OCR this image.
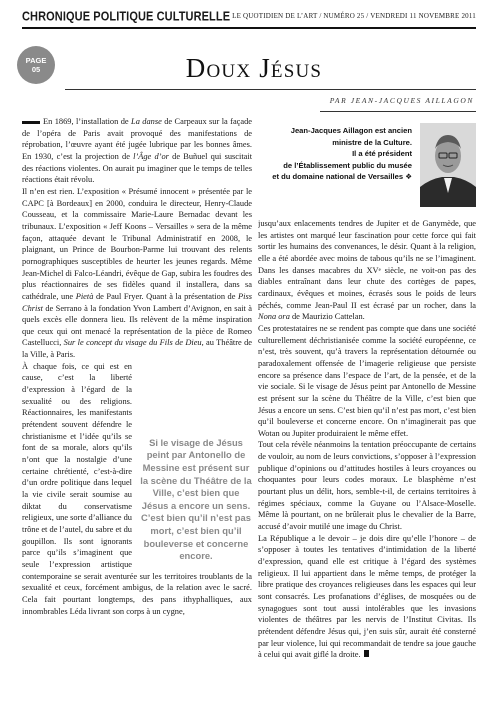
CHRONIQUE POLITIQUE CULTURELLE LE QUOTIDIEN DE L’ART / NUMÉRO 25 / VENDREDI 11 NOVEMBRE 2011
PAGE
05	Doux Jésus
PAR JEAN-JACQUES AILLAGON
Jean-Jacques Aillagon est ancien
ministre de la Culture.
Il a été président
de l’Établissement public du musée
et du domaine national de Versailles ❖

En 1869, l’installation de La danse de Carpeaux sur la façade de l’opéra de Paris avait provoqué des manifestations de réprobation, l’œuvre ayant été jugée lubrique par les bonnes âmes. En 1930, c’est la projection de l’Âge d’or de Buñuel qui suscitait des réactions violentes. On aurait pu imaginer que le temps de telles réactions était révolu.

Il n’en est rien. L’exposition « Présumé innocent » présentée par le CAPC [à Bordeaux] en 2000, conduira le directeur, Henry-Claude Cousseau, et la commissaire Marie-Laure Bernadac devant les tribunaux. L’exposition « Jeff Koons – Versailles » sera de la même façon, attaquée devant le Tribunal Administratif en 2008, le plaignant, un Prince de Bourbon-Parme lui trouvant des relents pornographiques susceptibles de heurter les jeunes regards. Même Jean-Michel di Falco-Léandri, évêque de Gap, subira les foudres des plus réactionnaires de ses fidèles quand il installera, dans sa cathédrale, une Pietà de Paul Fryer. Quant à la présentation de Piss Christ de Serrano à la fondation Yvon Lambert d’Avignon, en sait à quels excès elle donnera lieu. Ils relèvent de la même inspiration que ceux qui ont menacé la représentation de la pièce de Romeo Castellucci, Sur le concept du visage du Fils de Dieu, au Théâtre de la Ville, à Paris.

Si le visage de Jésus peint par Antonello de Messine est présent sur la scène du Théâtre de la Ville, c’est bien que Jésus a encore un sens. C’est bien qu’il n’est pas mort, c’est bien qu’il bouleverse et concerne encore.

À chaque fois, ce qui est en cause, c’est la liberté d’expression à l’égard de la sexualité ou des religions. Réactionnaires, les manifestants prétendent souvent défendre le christianisme et l’idée qu’ils se font de sa morale, alors qu’ils n’ont que la nostalgie d’une certaine chrétienté, c’est-à-dire d’un ordre politique dans lequel la vie civile serait soumise au diktat du conservatisme religieux, une sorte d’alliance du trône et de l’autel, du sabre et du goupillon. Ils sont ignorants parce qu’ils s’imaginent que seule l’expression artistique contemporaine se serait aventurée sur les territoires troublants de la sexualité et ceux, forcément ambigus, de la relation avec le sacré. Cela fait pourtant longtemps, des pans ithyphalliques, aux innombrables Léda livrant son corps à un cygne,

jusqu’aux enlacements tendres de Jupiter et de Ganymède, que les artistes ont marqué leur fascination pour cette force qui fait sortir les humains des convenances, le désir. Quant à la religion, elle a été abordée avec moins de tabous qu’ils ne se l’imaginent. Dans les danses macabres du XVᵉ siècle, ne voit-on pas des diables entraînant dans leur chute des cortèges de papes, cardinaux, évêques et moines, écrasés sous le poids de leurs péchés, comme Jean-Paul II est écrasé par un rocher, dans la Nona ora de Maurizio Cattelan.

Ces protestataires ne se rendent pas compte que dans une société culturellement déchristianisée comme la société européenne, ce n’est, très souvent, qu’à travers la représentation détournée ou paradoxalement offensée de l’imagerie religieuse que persiste encore sa présence dans l’espace de l’art, de la pensée, et de la vie sociale. Si le visage de Jésus peint par Antonello de Messine est présent sur la scène du Théâtre de la Ville, c’est bien que Jésus a encore un sens. C’est bien qu’il n’est pas mort, c’est bien qu’il bouleverse et concerne encore. On n’imaginerait pas que Wotan ou Jupiter produiraient le même effet.

Tout cela révèle néanmoins la tentation préoccupante de certains de vouloir, au nom de leurs convictions, s’opposer à l’expression publique d’opinions ou d’attitudes hostiles à leurs croyances ou choquantes pour leurs codes moraux. Le blasphème n’est pourtant plus un délit, hors, semble-t-il, de certains territoires à régimes spéciaux, comme la Guyane ou l’Alsace-Moselle. Même là pourtant, on ne brûlerait plus le chevalier de la Barre, accusé d’avoir mutilé une image du Christ.

La République a le devoir – je dois dire qu’elle l’honore – de s’opposer à toutes les tentatives d’intimidation de la liberté d’expression, quand elle est critique à l’égard des systèmes religieux. Il lui appartient dans le même temps, de protéger la libre pratique des croyances religieuses dans les espaces qui leur sont consacrés. Les profanations d’églises, de mosquées ou de synagogues sont tout aussi intolérables que les invasions violentes de théâtres par les nervis de l’Institut Civitas. Ils prétendent défendre Jésus qui, j’en suis sûr, aurait été consterné par leur violence, lui qui recommandait de tendre sa joue gauche à celui qui avait giflé la droite.
